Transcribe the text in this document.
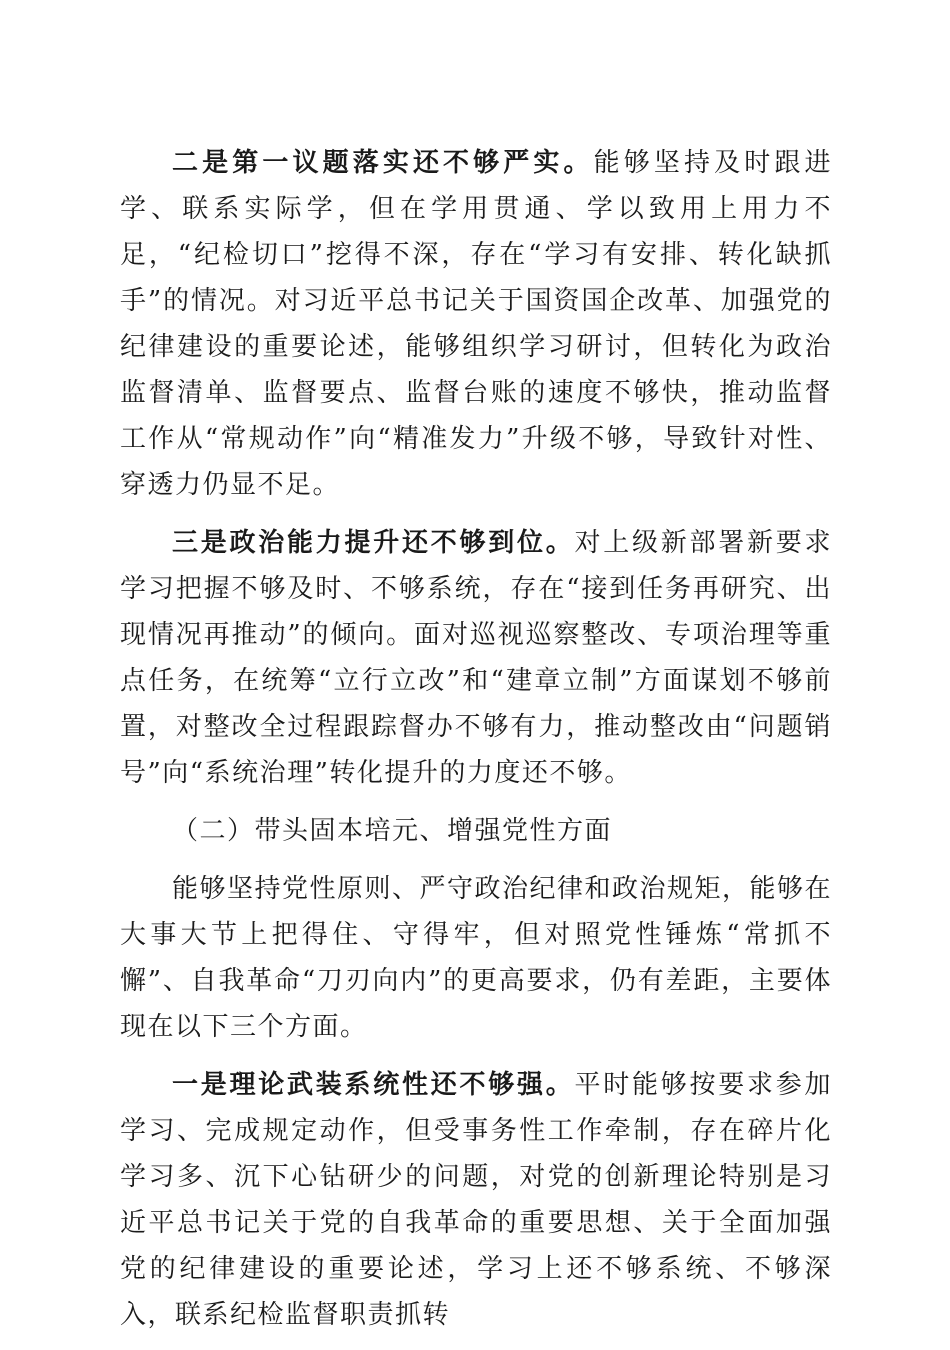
二是第一议题落实还不够严实。能够坚持及时跟进学、联系实际学，但在学用贯通、学以致用上用力不足，“纪检切口”挖得不深，存在“学习有安排、转化缺抓手”的情况。对习近平总书记关于国资国企改革、加强党的纪律建设的重要论述，能够组织学习研讨，但转化为政治监督清单、监督要点、监督台账的速度不够快，推动监督工作从“常规动作”向“精准发力”升级不够，导致针对性、穿透力仍显不足。

三是政治能力提升还不够到位。对上级新部署新要求学习把握不够及时、不够系统，存在“接到任务再研究、出现情况再推动”的倾向。面对巡视巡察整改、专项治理等重点任务，在统筹“立行立改”和“建章立制”方面谋划不够前置，对整改全过程跟踪督办不够有力，推动整改由“问题销号”向“系统治理”转化提升的力度还不够。

（二）带头固本培元、增强党性方面

能够坚持党性原则、严守政治纪律和政治规矩，能够在大事大节上把得住、守得牢，但对照党性锤炼“常抓不懈”、自我革命“刀刃向内”的更高要求，仍有差距，主要体现在以下三个方面。

一是理论武装系统性还不够强。平时能够按要求参加学习、完成规定动作，但受事务性工作牵制，存在碎片化学习多、沉下心钻研少的问题，对党的创新理论特别是习近平总书记关于党的自我革命的重要思想、关于全面加强党的纪律建设的重要论述，学习上还不够系统、不够深入，联系纪检监督职责抓转
